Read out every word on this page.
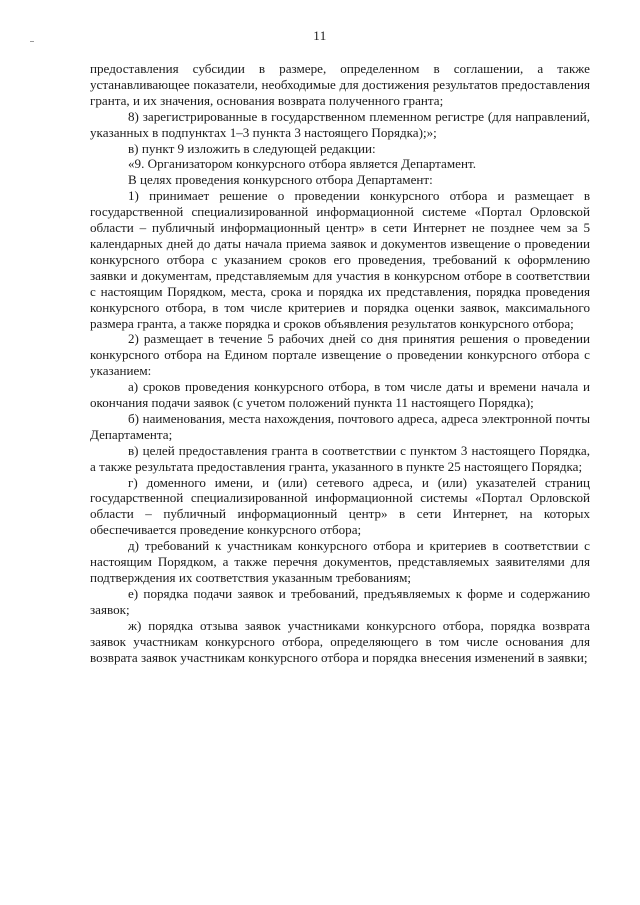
11

предоставления субсидии в размере, определенном в соглашении, а также устанавливающее показатели, необходимые для достижения результатов предоставления гранта, и их значения, основания возврата полученного гранта;

8) зарегистрированные в государственном племенном регистре (для направлений, указанных в подпунктах 1–3 пункта 3 настоящего Порядка);»;

в) пункт 9 изложить в следующей редакции:

«9. Организатором конкурсного отбора является Департамент.

В целях проведения конкурсного отбора Департамент:

1) принимает решение о проведении конкурсного отбора и размещает в государственной специализированной информационной системе «Портал Орловской области – публичный информационный центр» в сети Интернет не позднее чем за 5 календарных дней до даты начала приема заявок и документов извещение о проведении конкурсного отбора с указанием сроков его проведения, требований к оформлению заявки и документам, представляемым для участия в конкурсном отборе в соответствии с настоящим Порядком, места, срока и порядка их представления, порядка проведения конкурсного отбора, в том числе критериев и порядка оценки заявок, максимального размера гранта, а также порядка и сроков объявления результатов конкурсного отбора;

2) размещает в течение 5 рабочих дней со дня принятия решения о проведении конкурсного отбора на Едином портале извещение о проведении конкурсного отбора с указанием:

а) сроков проведения конкурсного отбора, в том числе даты и времени начала и окончания подачи заявок (с учетом положений пункта 11 настоящего Порядка);

б) наименования, места нахождения, почтового адреса, адреса электронной почты Департамента;

в) целей предоставления гранта в соответствии с пунктом 3 настоящего Порядка, а также результата предоставления гранта, указанного в пункте 25 настоящего Порядка;

г) доменного имени, и (или) сетевого адреса, и (или) указателей страниц государственной специализированной информационной системы «Портал Орловской области – публичный информационный центр» в сети Интернет, на которых обеспечивается проведение конкурсного отбора;

д) требований к участникам конкурсного отбора и критериев в соответствии с настоящим Порядком, а также перечня документов, представляемых заявителями для подтверждения их соответствия указанным требованиям;

е) порядка подачи заявок и требований, предъявляемых к форме и содержанию заявок;

ж) порядка отзыва заявок участниками конкурсного отбора, порядка возврата заявок участникам конкурсного отбора, определяющего в том числе основания для возврата заявок участникам конкурсного отбора и порядка внесения изменений в заявки;
